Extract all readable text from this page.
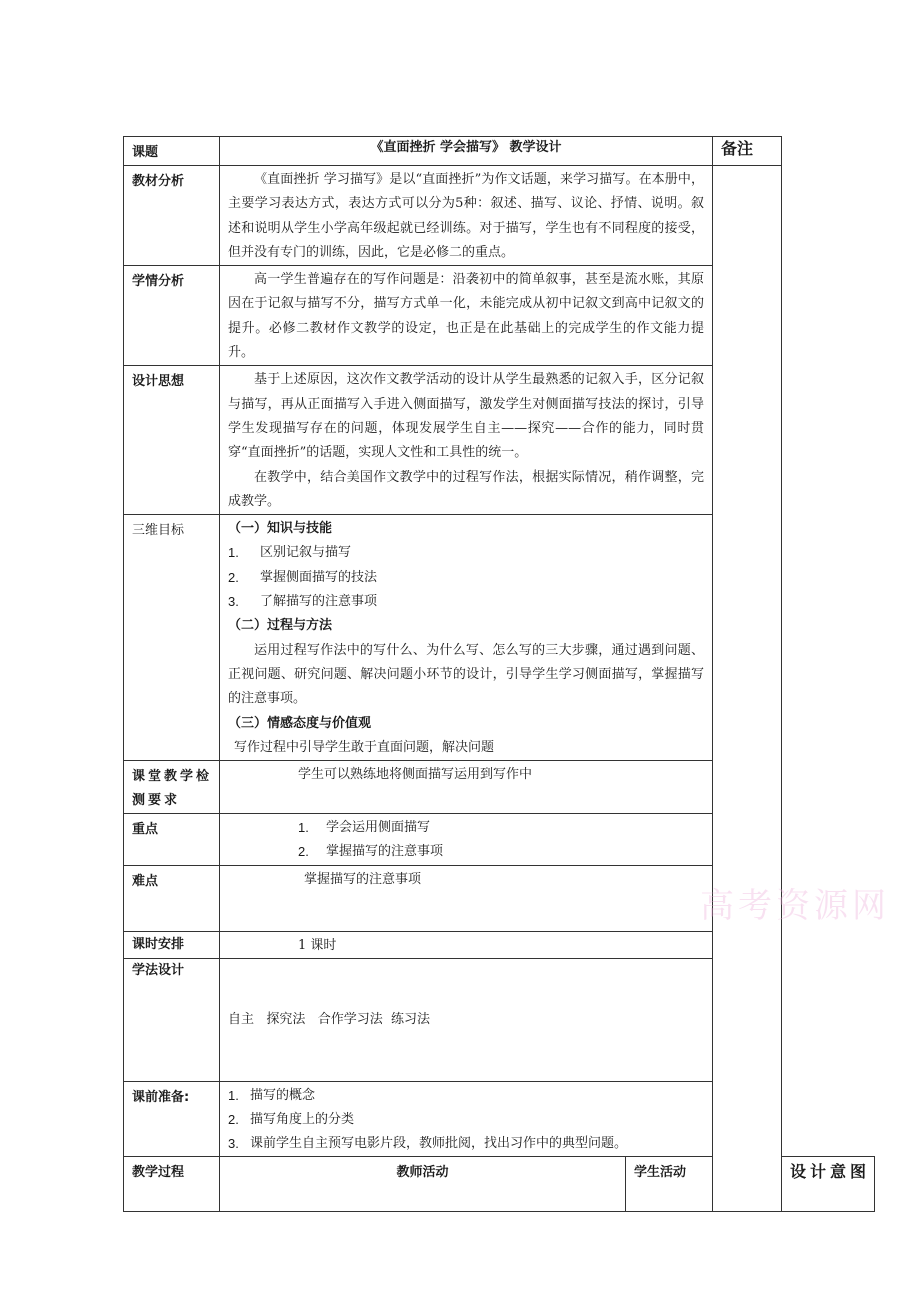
课题	《直面挫折 学会描写》 教学设计		备注	
教材分析	《直面挫折 学习描写》是以“直面挫折”为作文话题，来学习描写。在本册中，主要学习表达方式，表达方式可以分为5种：叙述、描写、议论、抒情、说明。叙述和说明从学生小学高年级起就已经训练。对于描写，学生也有不同程度的接受，但并没有专门的训练，因此，它是必修二的重点。			

学情分析	高一学生普遍存在的写作问题是：沿袭初中的简单叙事，甚至是流水账，其原因在于记叙与描写不分，描写方式单一化，未能完成从初中记叙文到高中记叙文的提升。必修二教材作文教学的设定，也正是在此基础上的完成学生的作文能力提升。			

设计思想	基于上述原因，这次作文教学活动的设计从学生最熟悉的记叙入手，区分记叙与描写，再从正面描写入手进入侧面描写，激发学生对侧面描写技法的探讨，引导学生发现描写存在的问题，体现发展学生自主——探究——合作的能力，同时贯穿“直面挫折”的话题，实现人文性和工具性的统一。

在教学中，结合美国作文教学中的过程写作法，根据实际情况，稍作调整，完成教学。			

三维目标	（一）知识与技能

1.	区别记叙与描写
2.	掌握侧面描写的技法
3.	了解描写的注意事项

（二）过程与方法

运用过程写作法中的写什么、为什么写、怎么写的三大步骤，通过遇到问题、正视问题、研究问题、解决问题小环节的设计，引导学生学习侧面描写，掌握描写的注意事项。

（三）情感态度与价值观

写作过程中引导学生敢于直面问题，解决问题

课堂教学检测要求	学生可以熟练地将侧面描写运用到写作中			

重点	1. 学会运用侧面描写
2. 掌握描写的注意事项			

难点	掌握描写的注意事项			

课时安排	1 课时			

学法设计	自主   探究法   合作学习法  练习法			

课前准备:	1. 描写的概念
2. 描写角度上的分类
3. 课前学生自主预写电影片段，教师批阅，找出习作中的典型问题。

教学过程	教师活动	学生活动		设计意图
高考资源网
